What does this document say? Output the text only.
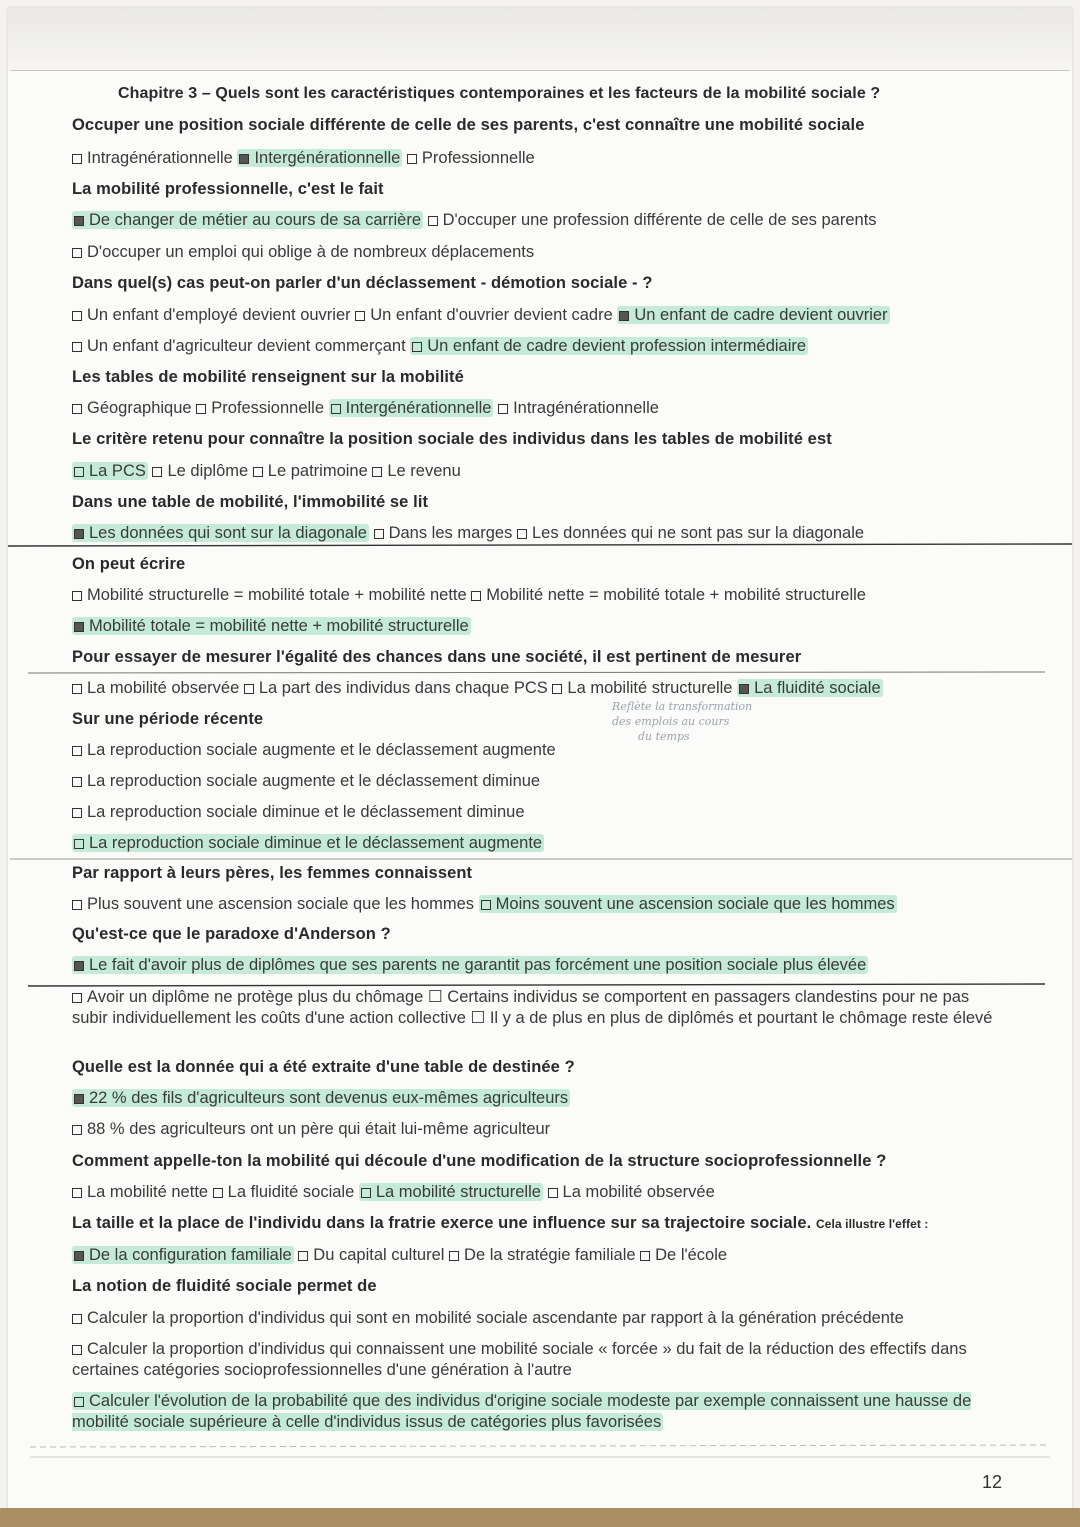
Chapitre 3 – Quels sont les caractéristiques contemporaines et les facteurs de la mobilité sociale ?
Occuper une position sociale différente de celle de ses parents, c'est connaître une mobilité sociale
Intragénérationnelle Intergénérationnelle Professionnelle
La mobilité professionnelle, c'est le fait
De changer de métier au cours de sa carrière D'occuper une profession différente de celle de ses parents
D'occuper un emploi qui oblige à de nombreux déplacements
Dans quel(s) cas peut-on parler d'un déclassement - démotion sociale - ?
Un enfant d'employé devient ouvrier Un enfant d'ouvrier devient cadre Un enfant de cadre devient ouvrier
Un enfant d'agriculteur devient commerçant Un enfant de cadre devient profession intermédiaire
Les tables de mobilité renseignent sur la mobilité
Géographique Professionnelle Intergénérationnelle Intragénérationnelle
Le critère retenu pour connaître la position sociale des individus dans les tables de mobilité est
La PCS Le diplôme Le patrimoine Le revenu
Dans une table de mobilité, l'immobilité se lit
Les données qui sont sur la diagonale Dans les marges Les données qui ne sont pas sur la diagonale
On peut écrire
Mobilité structurelle = mobilité totale + mobilité nette Mobilité nette = mobilité totale + mobilité structurelle
Mobilité totale = mobilité nette + mobilité structurelle
Pour essayer de mesurer l'égalité des chances dans une société, il est pertinent de mesurer
La mobilité observée La part des individus dans chaque PCS La mobilité structurelle La fluidité sociale
Reflète la transformation
des emplois au cours
du temps
Sur une période récente
La reproduction sociale augmente et le déclassement augmente
La reproduction sociale augmente et le déclassement diminue
La reproduction sociale diminue et le déclassement diminue
La reproduction sociale diminue et le déclassement augmente
Par rapport à leurs pères, les femmes connaissent
Plus souvent une ascension sociale que les hommes Moins souvent une ascension sociale que les hommes
Qu'est-ce que le paradoxe d'Anderson ?
Le fait d'avoir plus de diplômes que ses parents ne garantit pas forcément une position sociale plus élevée
Avoir un diplôme ne protège plus du chômage ☐ Certains individus se comportent en passagers clandestins pour ne pas subir individuellement les coûts d'une action collective ☐ Il y a de plus en plus de diplômés et pourtant le chômage reste élevé
Quelle est la donnée qui a été extraite d'une table de destinée ?
22 % des fils d'agriculteurs sont devenus eux-mêmes agriculteurs
88 % des agriculteurs ont un père qui était lui-même agriculteur
Comment appelle-ton la mobilité qui découle d'une modification de la structure socioprofessionnelle ?
La mobilité nette La fluidité sociale La mobilité structurelle La mobilité observée
La taille et la place de l'individu dans la fratrie exerce une influence sur sa trajectoire sociale. Cela illustre l'effet :
De la configuration familiale Du capital culturel De la stratégie familiale De l'école
La notion de fluidité sociale permet de
Calculer la proportion d'individus qui sont en mobilité sociale ascendante par rapport à la génération précédente
Calculer la proportion d'individus qui connaissent une mobilité sociale « forcée » du fait de la réduction des effectifs dans certaines catégories socioprofessionnelles d'une génération à l'autre
Calculer l'évolution de la probabilité que des individus d'origine sociale modeste par exemple connaissent une hausse de mobilité sociale supérieure à celle d'individus issus de catégories plus favorisées
12
